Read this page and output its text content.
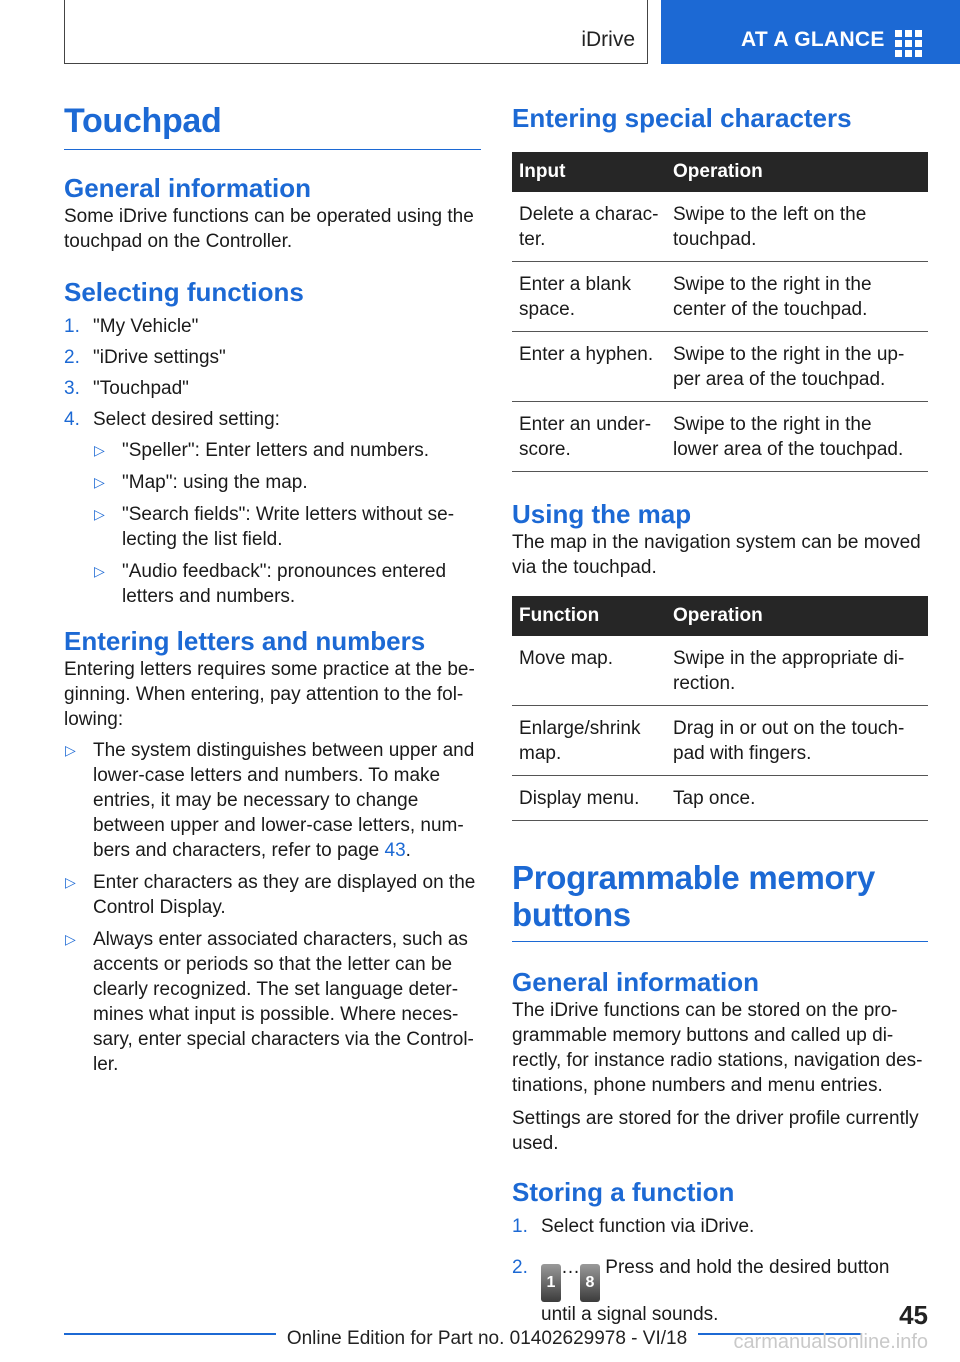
iDrive	AT A GLANCE
Touchpad
General information

Some iDrive functions can be operated using the touchpad on the Controller.

Selecting functions
1. "My Vehicle"
2. "iDrive settings"
3. "Touchpad"
4. Select desired setting:
▷ "Speller": Enter letters and numbers.
▷ "Map": using the map.
▷ "Search fields": Write letters without se-lecting the list field.
▷ "Audio feedback": pronounces entered letters and numbers.
Entering letters and numbers

Entering letters requires some practice at the be-ginning. When entering, pay attention to the fol-lowing:

▷ The system distinguishes between upper and lower-case letters and numbers. To make entries, it may be necessary to change between upper and lower-case letters, num-bers and characters, refer to page 43.
▷ Enter characters as they are displayed on the Control Display.
▷ Always enter associated characters, such as accents or periods so that the letter can be clearly recognized. The set language deter-mines what input is possible. Where neces-sary, enter special characters via the Control-ler.
Entering special characters
Input	Operation
Delete a charac-ter.	Swipe to the left on the touchpad.
Enter a blank space.	Swipe to the right in the center of the touchpad.
Enter a hyphen.	Swipe to the right in the up-per area of the touchpad.
Enter an under-score.	Swipe to the right in the lower area of the touchpad.
Using the map

The map in the navigation system can be moved via the touchpad.

Function	Operation
Move map.	Swipe in the appropriate di-rection.
Enlarge/shrink map.	Drag in or out on the touch-pad with fingers.
Display menu.	Tap once.
Programmable memory buttons
General information

The iDrive functions can be stored on the pro-grammable memory buttons and called up di-rectly, for instance radio stations, navigation des-tinations, phone numbers and menu entries.

Settings are stored for the driver profile currently used.

Storing a function
1. Select function via iDrive.
2.
1…8 Press and hold the desired button until a signal sounds.	45
Online Edition for Part no. 01402629978 - VI/18	carmanualsonline.info
